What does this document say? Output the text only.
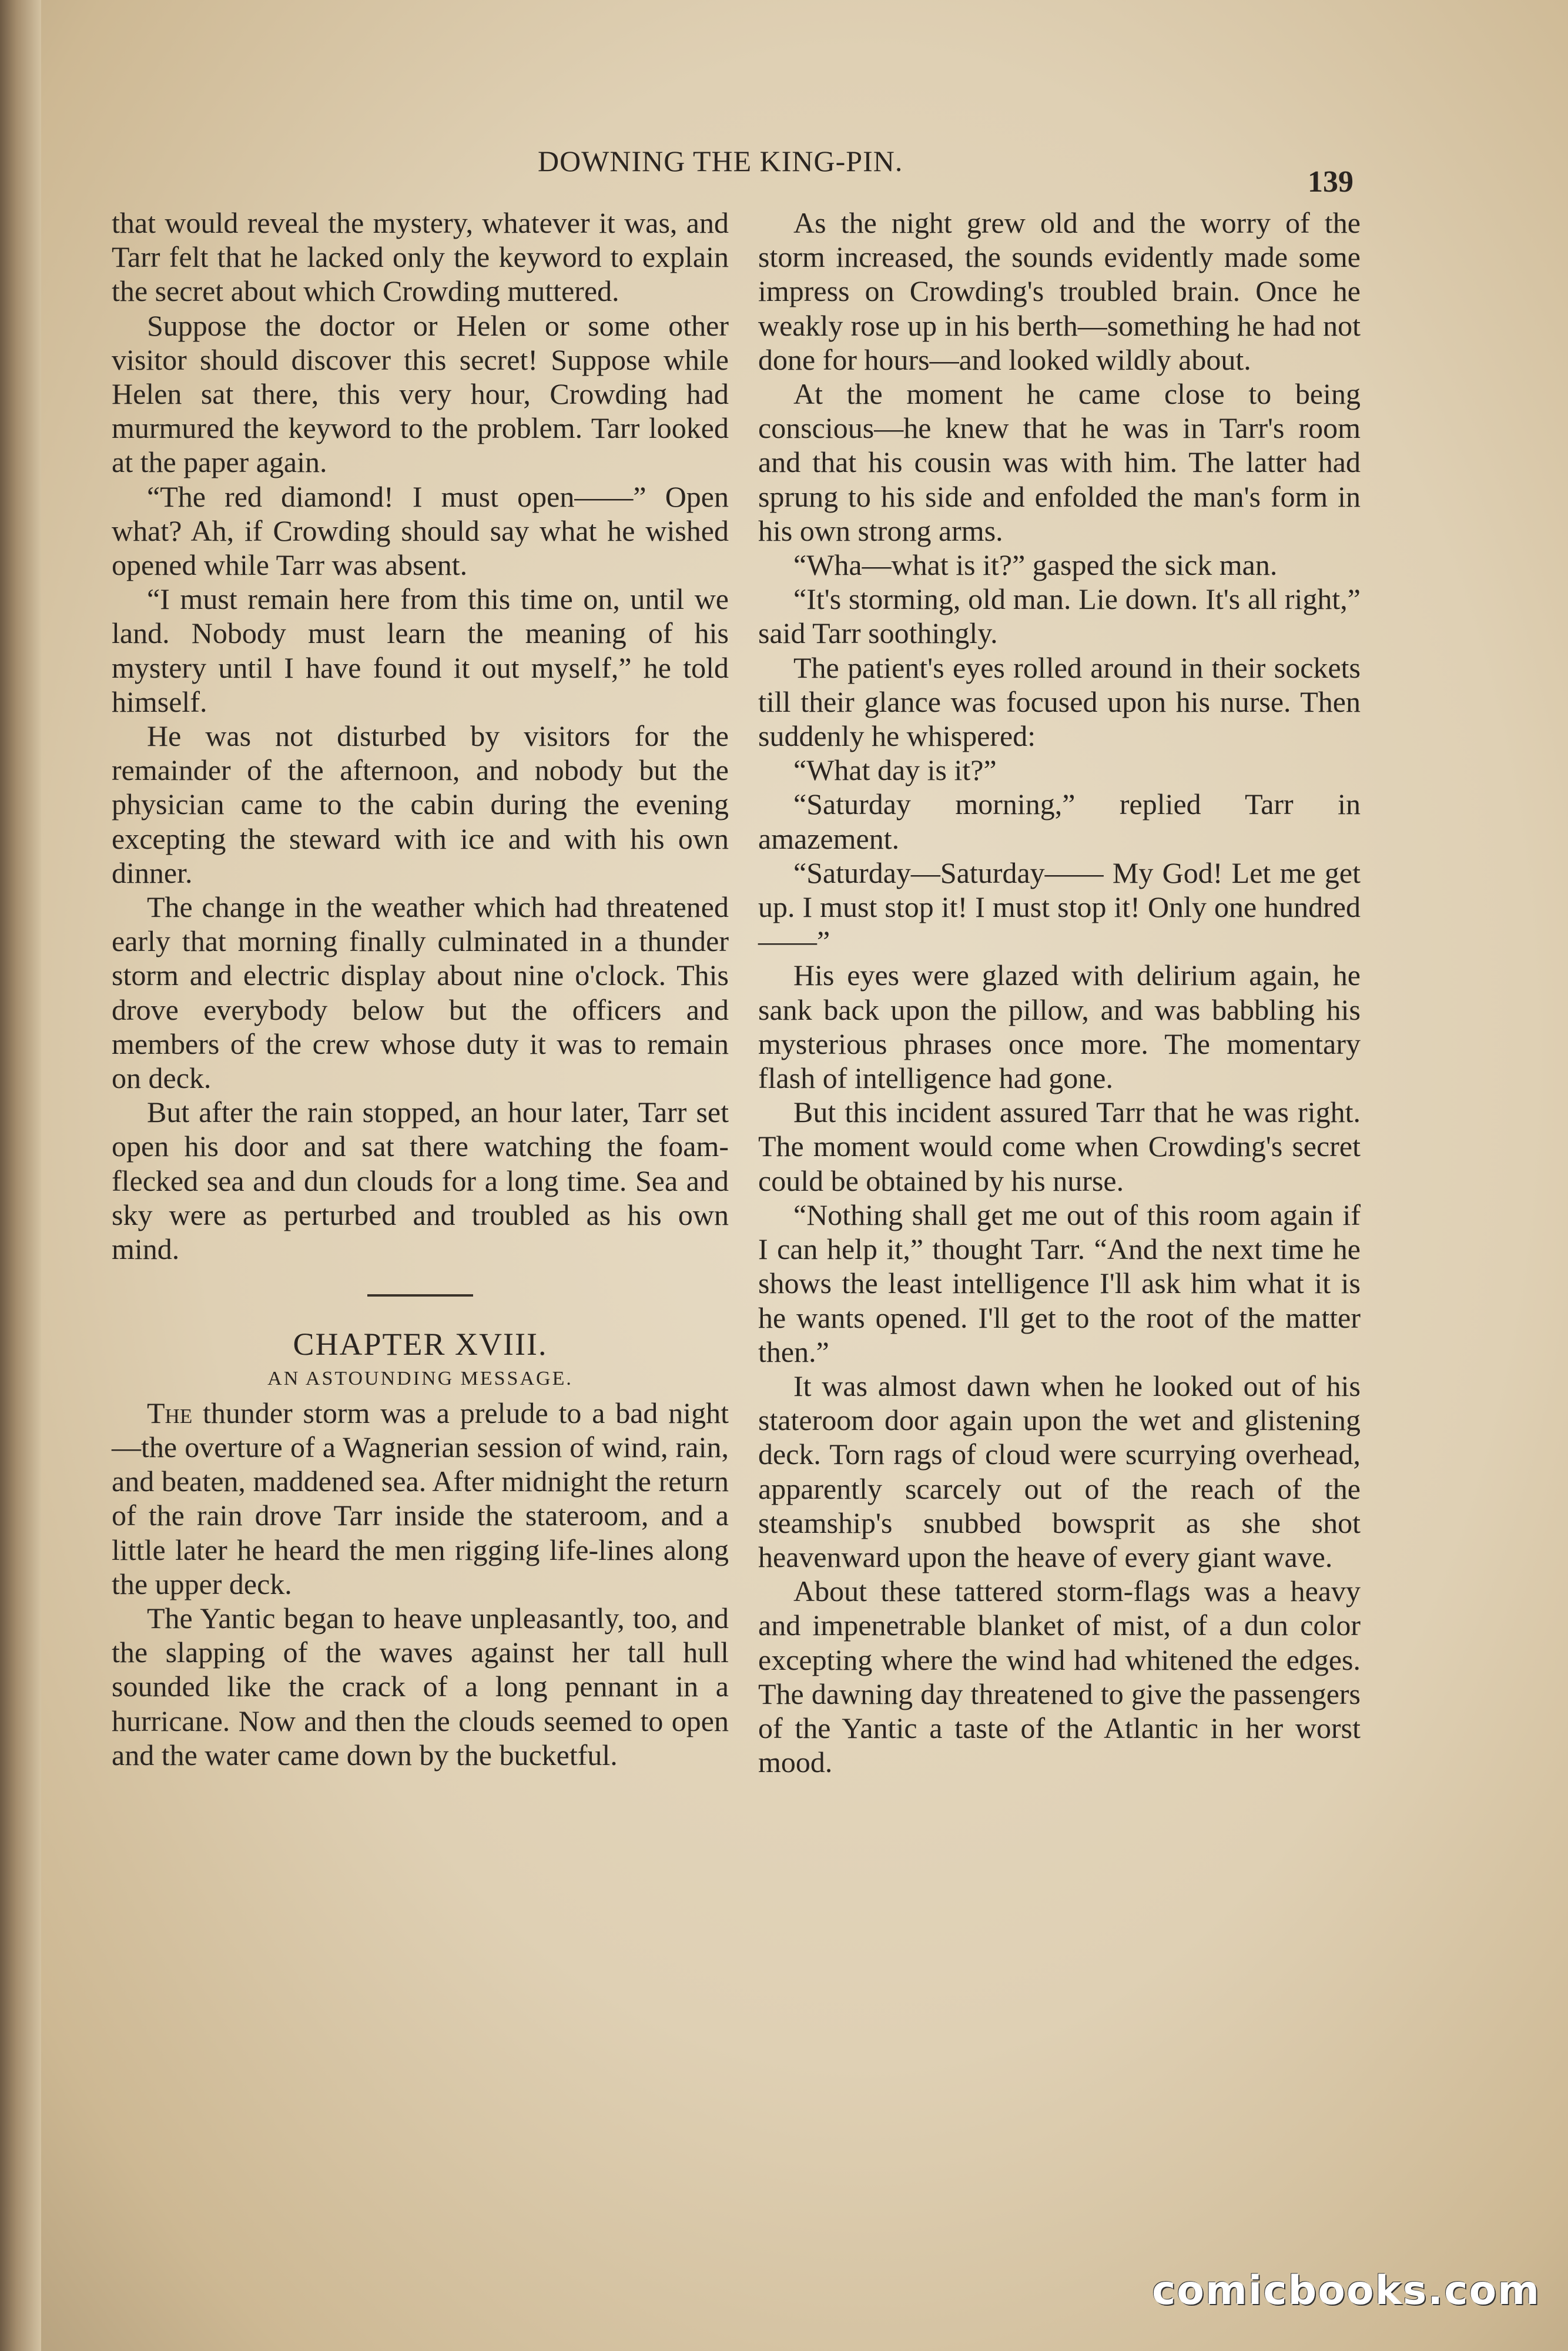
DOWNING THE KING-PIN.
139

that would reveal the mystery, whatever it was, and Tarr felt that he lacked only the keyword to explain the secret about which Crowding muttered.

Suppose the doctor or Helen or some other visitor should discover this secret! Suppose while Helen sat there, this very hour, Crowding had murmured the keyword to the problem. Tarr looked at the paper again.

“The red diamond! I must open——” Open what? Ah, if Crowding should say what he wished opened while Tarr was absent.

“I must remain here from this time on, until we land. Nobody must learn the meaning of his mystery until I have found it out myself,” he told himself.

He was not disturbed by visitors for the remainder of the afternoon, and nobody but the physician came to the cabin during the evening excepting the steward with ice and with his own dinner.

The change in the weather which had threatened early that morning finally culminated in a thunder storm and electric display about nine o'clock. This drove everybody below but the officers and members of the crew whose duty it was to remain on deck.

But after the rain stopped, an hour later, Tarr set open his door and sat there watching the foam-flecked sea and dun clouds for a long time. Sea and sky were as perturbed and troubled as his own mind.

CHAPTER XVIII.

AN ASTOUNDING MESSAGE.

The thunder storm was a prelude to a bad night—the overture of a Wagnerian session of wind, rain, and beaten, maddened sea. After midnight the return of the rain drove Tarr inside the stateroom, and a little later he heard the men rigging life-lines along the upper deck.

The Yantic began to heave unpleasantly, too, and the slapping of the waves against her tall hull sounded like the crack of a long pennant in a hurricane. Now and then the clouds seemed to open and the water came down by the bucketful.

As the night grew old and the worry of the storm increased, the sounds evidently made some impress on Crowding's troubled brain. Once he weakly rose up in his berth—something he had not done for hours—and looked wildly about.

At the moment he came close to being conscious—he knew that he was in Tarr's room and that his cousin was with him. The latter had sprung to his side and enfolded the man's form in his own strong arms.

“Wha—what is it?” gasped the sick man.

“It's storming, old man. Lie down. It's all right,” said Tarr soothingly.

The patient's eyes rolled around in their sockets till their glance was focused upon his nurse. Then suddenly he whispered:

“What day is it?”

“Saturday morning,” replied Tarr in amazement.

“Saturday—Saturday—— My God! Let me get up. I must stop it! I must stop it! Only one hundred——”

His eyes were glazed with delirium again, he sank back upon the pillow, and was babbling his mysterious phrases once more. The momentary flash of intelligence had gone.

But this incident assured Tarr that he was right. The moment would come when Crowding's secret could be obtained by his nurse.

“Nothing shall get me out of this room again if I can help it,” thought Tarr. “And the next time he shows the least intelligence I'll ask him what it is he wants opened. I'll get to the root of the matter then.”

It was almost dawn when he looked out of his stateroom door again upon the wet and glistening deck. Torn rags of cloud were scurrying overhead, apparently scarcely out of the reach of the steamship's snubbed bowsprit as she shot heavenward upon the heave of every giant wave.

About these tattered storm-flags was a heavy and impenetrable blanket of mist, of a dun color excepting where the wind had whitened the edges. The dawning day threatened to give the passengers of the Yantic a taste of the Atlantic in her worst mood.

comicbooks.com
